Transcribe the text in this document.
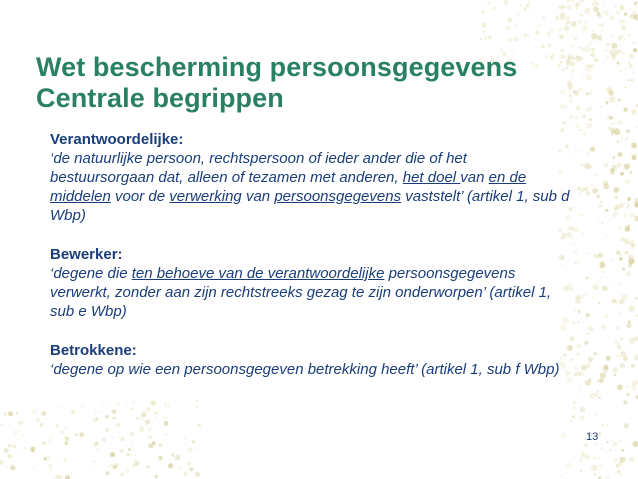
Wet bescherming persoonsgegevens
Centrale begrippen
Verantwoordelijke:
‘de natuurlijke persoon, rechtspersoon of ieder ander die of het bestuursorgaan dat, alleen of tezamen met anderen, het doel van en de middelen voor de verwerking van persoonsgegevens vaststelt’ (artikel 1, sub d Wbp)
Bewerker:
‘degene die ten behoeve van de verantwoordelijke persoonsgegevens verwerkt, zonder aan zijn rechtstreeks gezag te zijn onderworpen’ (artikel 1, sub e Wbp)
Betrokkene:
‘degene op wie een persoonsgegeven betrekking heeft’ (artikel 1, sub f Wbp)
13
